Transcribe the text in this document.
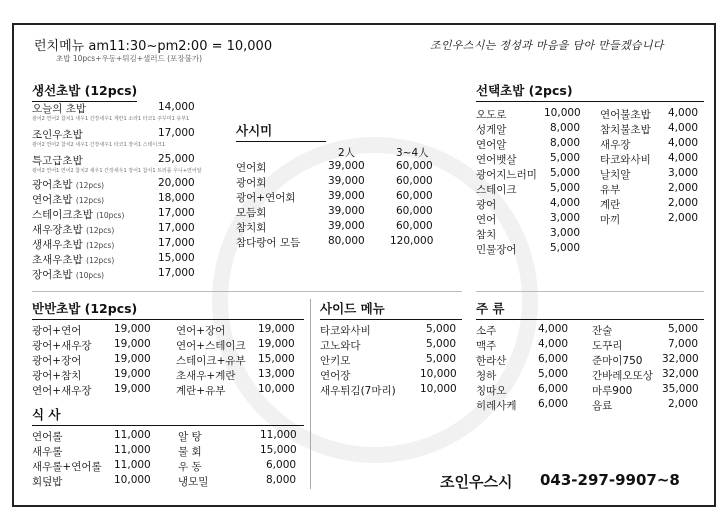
런치메뉴 am11:30~pm2:00 = 10,000
초밥 10pcs+우동+튀김+샐러드 (포장불가)
조인우스시는 정성과 마음을 담아 만들겠습니다
생선초밥 (12pcs)
오늘의 초밥	14,000
광어2 연어2 참치1 새우1 간장새우1 계란1 소라1 타코1 주꾸미1 유부1
조인우초밥	17,000
광어2 연어2 참치2 새우1 간장새우1 타코1 장어1 스테이크1
특고급초밥	25,000
광어2 연어1 연어2 참치2 새우1 간장새우1 장어1 참치1 트러플 우니+연어알
광어초밥 (12pcs)	20,000
연어초밥 (12pcs)	18,000
스테이크초밥 (10pcs)	17,000
새우장초밥 (12pcs)	17,000
생새우초밥 (12pcs)	17,000
초새우초밥 (12pcs)	15,000
장어초밥 (10pcs)	17,000
사시미
2人	3~4人
연어회	39,000	60,000
광어회	39,000	60,000
광어+연어회	39,000	60,000
모듬회	39,000	60,000
참치회	39,000	60,000
참다랑어 모듬	80,000 120,000
선택초밥 (2pcs)
오도로	10,000
성게알	8,000
연어알	8,000
연어뱃살	5,000
광어지느러미 5,000
스테이크	5,000
광어	4,000
연어	3,000
참치	3,000
민물장어	5,000
연어불초밥 4,000
참치불초밥 4,000
새우장	4,000
타코와사비 4,000
날치알	3,000
유부	2,000
계란	2,000
마끼	2,000
반반초밥 (12pcs)
광어+연어	19,000
광어+새우장 19,000
광어+장어	19,000
광어+참치	19,000
연어+새우장 19,000
연어+장어	19,000
연어+스테이크 19,000
스테이크+유부 15,000
초새우+계란 13,000
계란+유부	10,000
식 사
연어롤	11,000
새우롤	11,000
새우롤+연어롤 11,000
회덮밥	10,000
알 탕	11,000
물 회	15,000
우 동	6,000
냉모밀	8,000
사이드 메뉴
타코와사비	5,000
고노와다	5,000
안키모	5,000
연어장	10,000
새우튀김(7마리) 10,000
주 류
소주	4,000
맥주	4,000
한라산	6,000
청하	5,000
칭따오	6,000
히레사케 6,000
잔술	5,000
도꾸리	7,000
준마이750 32,000
간바레오또상 32,000
마루900	35,000
음료	2,000
조인우스시 043-297-9907~8
